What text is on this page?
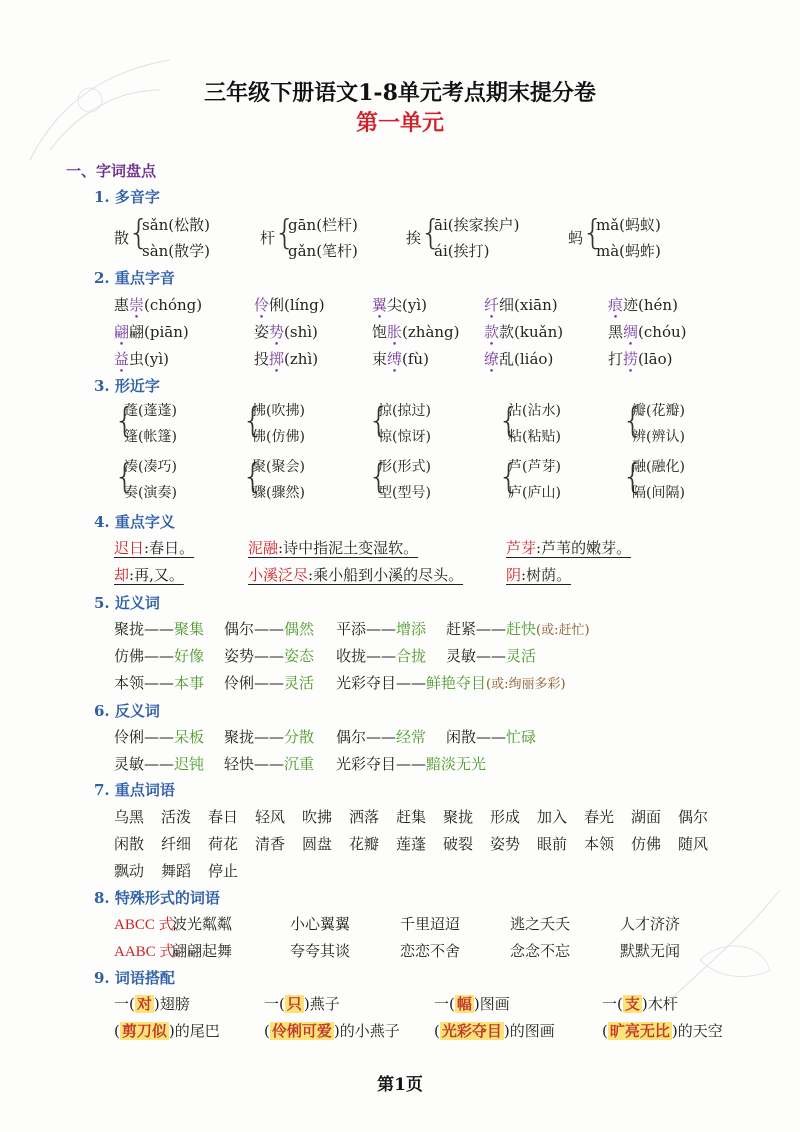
三年级下册语文1-8单元考点期末提分卷
第一单元
一、字词盘点
1. 多音字
散
{
sǎn(松散)
sàn(散学)
杆
{
gān(栏杆)
gǎn(笔杆)
挨
{
āi(挨家挨户)
ái(挨打)
蚂
{
mǎ(蚂蚁)
mà(蚂蚱)
2. 重点字音
惠崇(chóng)	伶俐(líng)	翼尖(yì)	纤细(xiān)	痕迹(hén)
翩翩(piān)	姿势(shì)	饱胀(zhàng) 款款(kuǎn)	黑绸(chóu)
益虫(yì)	投掷(zhì)	束缚(fù)	缭乱(liáo)	打捞(lāo)
3. 形近字
{
蓬(蓬蓬)
篷(帐篷) {
拂(吹拂)
佛(仿佛) {
掠(掠过)
惊(惊讶) {
沾(沾水)
粘(粘贴) {
瓣(花瓣)
辨(辨认)
{
凑(凑巧)
奏(演奏) {
聚(聚会)
骤(骤然) {
形(形式)
型(型号) {
芦(芦芽)
庐(庐山) {
融(融化)
隔(间隔)
4. 重点字义
迟日:春日。	泥融:诗中指泥土变湿软。	芦芽:芦苇的嫩芽。
却:再,又。	小溪泛尽:乘小船到小溪的尽头。	阴:树荫。
5. 近义词
聚拢——聚集 偶尔——偶然 平添——增添 赶紧——赶快(或:赶忙)
仿佛——好像 姿势——姿态 收拢——合拢 灵敏——灵活
本领——本事 伶俐——灵活 光彩夺目——鲜艳夺目(或:绚丽多彩)
6. 反义词
伶俐——呆板 聚拢——分散 偶尔——经常 闲散——忙碌
灵敏——迟钝 轻快——沉重 光彩夺目——黯淡无光
7. 重点词语
乌黑	活泼	春日	轻风	吹拂	洒落	赶集	聚拢	形成	加入	春光	湖面	偶尔
闲散	纤细	荷花	清香	圆盘	花瓣	莲蓬	破裂	姿势	眼前	本领	仿佛	随风
飘动	舞蹈	停止
8. 特殊形式的词语
ABCC 式:
波光粼粼	小心翼翼	千里迢迢	逃之夭夭	人才济济
AABC 式:
翩翩起舞	夸夸其谈	恋恋不舍	念念不忘	默默无闻
9. 词语搭配
一( 对 )翅膀	一( 只 )燕子	一( 幅 )图画	一( 支 )木杆
( 剪刀似 )的尾巴	( 伶俐可爱 )的小燕子 ( 光彩夺目 )的图画	( 旷亮无比 )的天空
第1页
